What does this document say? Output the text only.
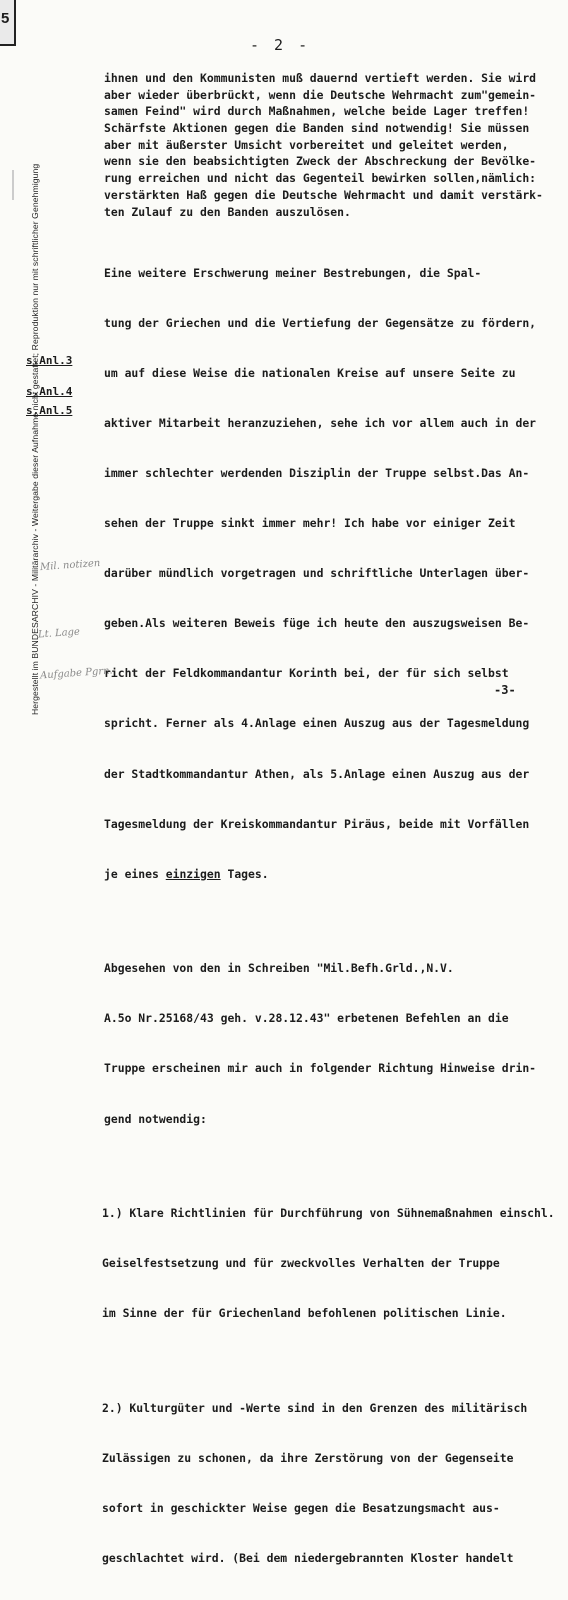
5
Hergestellt im BUNDESARCHIV - Militärarchiv - Weitergabe dieser Aufnahme nicht gestattet; Reproduktion nur mit schriftlicher Genehmigung
- 2 -
s.Anl.3
s.Anl.4
s.Anl.5
Mil. notizen
Lt. Lage
Aufgabe Pgrn.
ihnen und den Kommunisten muß dauernd vertieft werden. Sie wird
aber wieder überbrückt, wenn die Deutsche Wehrmacht zum"gemein-
samen Feind" wird durch Maßnahmen, welche beide Lager treffen!
Schärfste Aktionen gegen die Banden sind notwendig! Sie müssen
aber mit äußerster Umsicht vorbereitet und geleitet werden,
wenn sie den beabsichtigten Zweck der Abschreckung der Bevölke-
rung erreichen und nicht das Gegenteil bewirken sollen,nämlich:
verstärkten Haß gegen die Deutsche Wehrmacht und damit verstärk-
ten Zulauf zu den Banden auszulösen.

Eine weitere Erschwerung meiner Bestrebungen, die Spal-

tung der Griechen und die Vertiefung der Gegensätze zu fördern,

um auf diese Weise die nationalen Kreise auf unsere Seite zu

aktiver Mitarbeit heranzuziehen, sehe ich vor allem auch in der

immer schlechter werdenden Disziplin der Truppe selbst.Das An-

sehen der Truppe sinkt immer mehr! Ich habe vor einiger Zeit

darüber mündlich vorgetragen und schriftliche Unterlagen über-

geben.Als weiteren Beweis füge ich heute den auszugsweisen Be-

richt der Feldkommandantur Korinth bei, der für sich selbst

spricht. Ferner als 4.Anlage einen Auszug aus der Tagesmeldung

der Stadtkommandantur Athen, als 5.Anlage einen Auszug aus der

Tagesmeldung der Kreiskommandantur Piräus, beide mit Vorfällen

je eines einzigen Tages.

Abgesehen von den in Schreiben "Mil.Befh.Grld.,N.V.

A.5o Nr.25168/43 geh. v.28.12.43" erbetenen Befehlen an die

Truppe erscheinen mir auch in folgender Richtung Hinweise drin-

gend notwendig:

1.) Klare Richtlinien für Durchführung von Sühnemaßnahmen einschl.

Geiselfestsetzung und für zweckvolles Verhalten der Truppe

im Sinne der für Griechenland befohlenen politischen Linie.

2.) Kulturgüter und -Werte sind in den Grenzen des militärisch

Zulässigen zu schonen, da ihre Zerstörung von der Gegenseite

sofort in geschickter Weise gegen die Besatzungsmacht aus-

geschlachtet wird. (Bei dem niedergebrannten Kloster handelt

-3-
